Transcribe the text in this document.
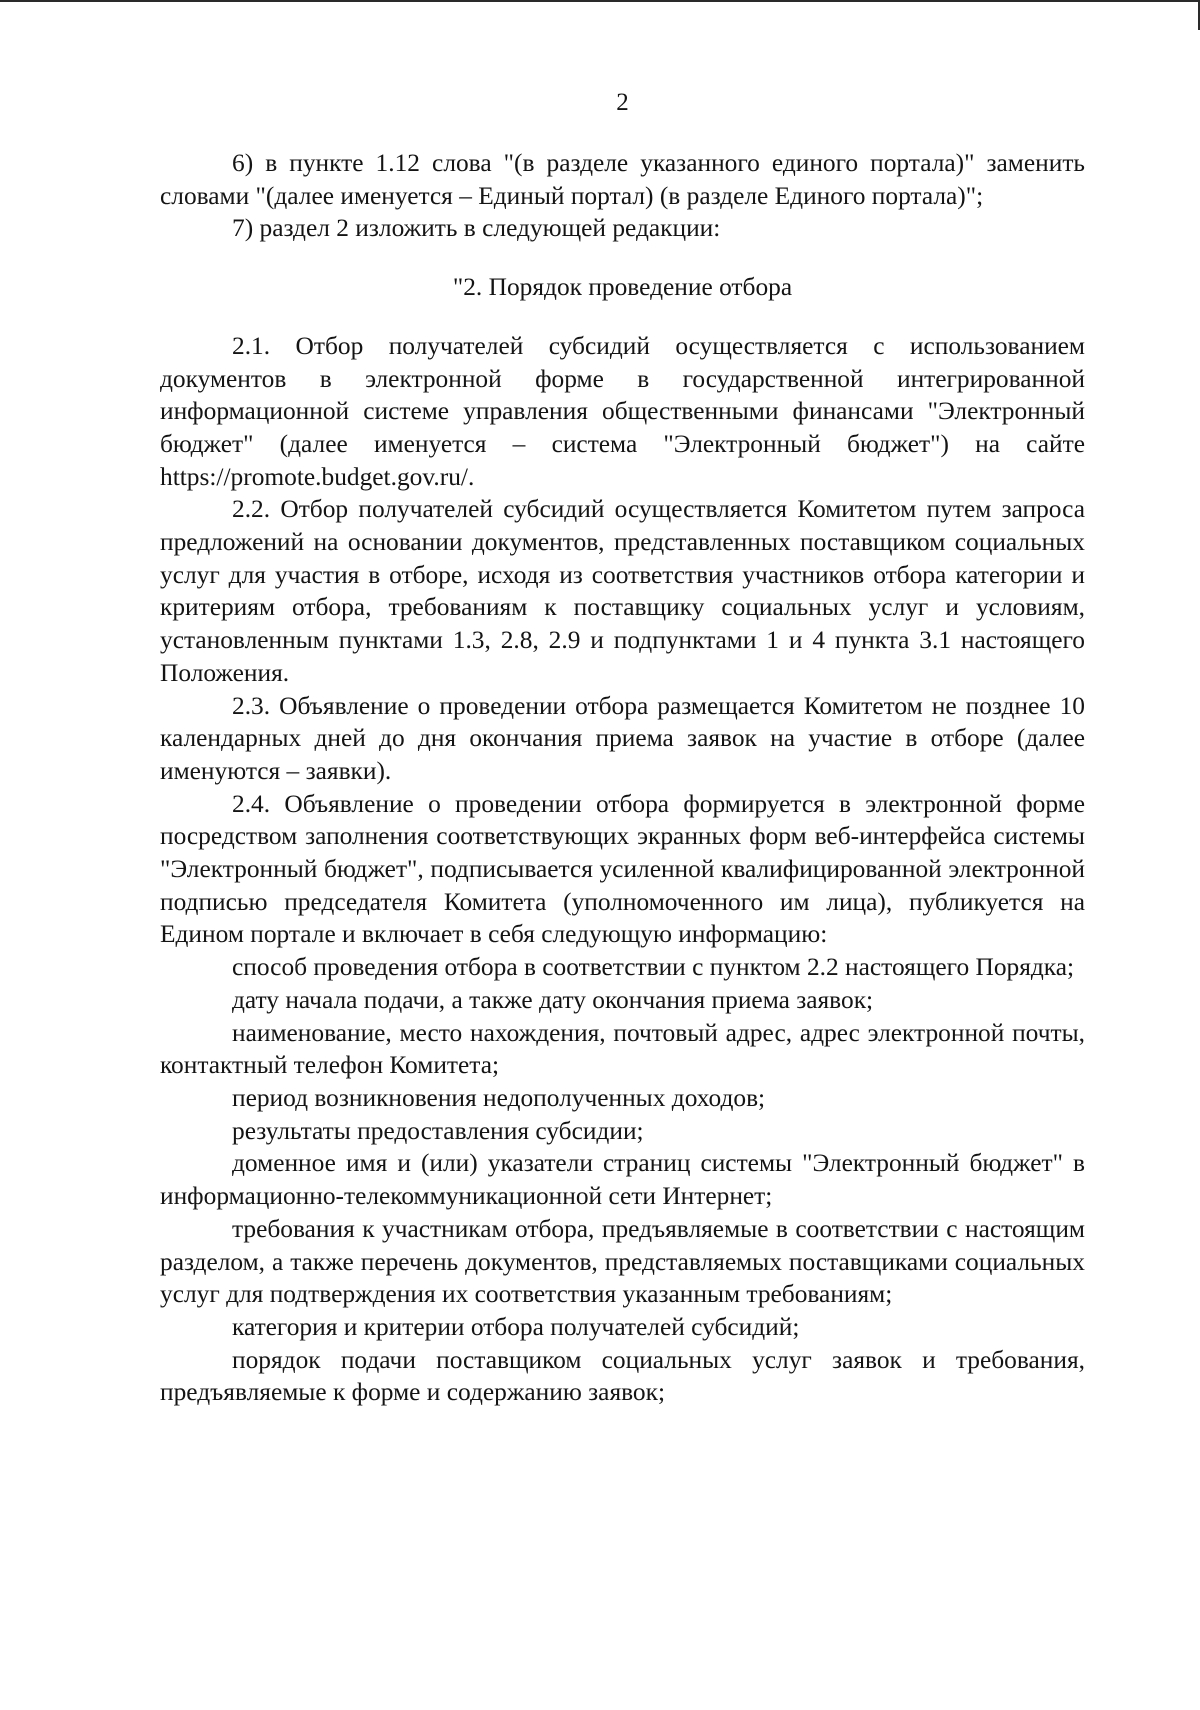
2

6) в пункте 1.12 слова "(в разделе указанного единого портала)" заменить словами "(далее именуется – Единый портал) (в разделе Единого портала)";

7) раздел 2 изложить в следующей редакции:

"2. Порядок проведение отбора

2.1. Отбор получателей субсидий осуществляется с использованием документов в электронной форме в государственной интегрированной информационной системе управления общественными финансами "Электронный бюджет" (далее именуется – система "Электронный бюджет") на сайте https://promote.budget.gov.ru/.

2.2. Отбор получателей субсидий осуществляется Комитетом путем запроса предложений на основании документов, представленных поставщиком социальных услуг для участия в отборе, исходя из соответствия участников отбора категории и критериям отбора, требованиям к поставщику социальных услуг и условиям, установленным пунктами 1.3, 2.8, 2.9 и подпунктами 1 и 4 пункта 3.1 настоящего Положения.

2.3. Объявление о проведении отбора размещается Комитетом не позднее 10 календарных дней до дня окончания приема заявок на участие в отборе (далее именуются – заявки).

2.4. Объявление о проведении отбора формируется в электронной форме посредством заполнения соответствующих экранных форм веб-интерфейса системы "Электронный бюджет", подписывается усиленной квалифицированной электронной подписью председателя Комитета (уполномоченного им лица), публикуется на Едином портале и включает в себя следующую информацию:

способ проведения отбора в соответствии с пунктом 2.2 настоящего Порядка;

дату начала подачи, а также дату окончания приема заявок;

наименование, место нахождения, почтовый адрес, адрес электронной почты, контактный телефон Комитета;

период возникновения недополученных доходов;

результаты предоставления субсидии;

доменное имя и (или) указатели страниц системы "Электронный бюджет" в информационно-телекоммуникационной сети Интернет;

требования к участникам отбора, предъявляемые в соответствии с настоящим разделом, а также перечень документов, представляемых поставщиками социальных услуг для подтверждения их соответствия указанным требованиям;

категория и критерии отбора получателей субсидий;

порядок подачи поставщиком социальных услуг заявок и требования, предъявляемые к форме и содержанию заявок;
